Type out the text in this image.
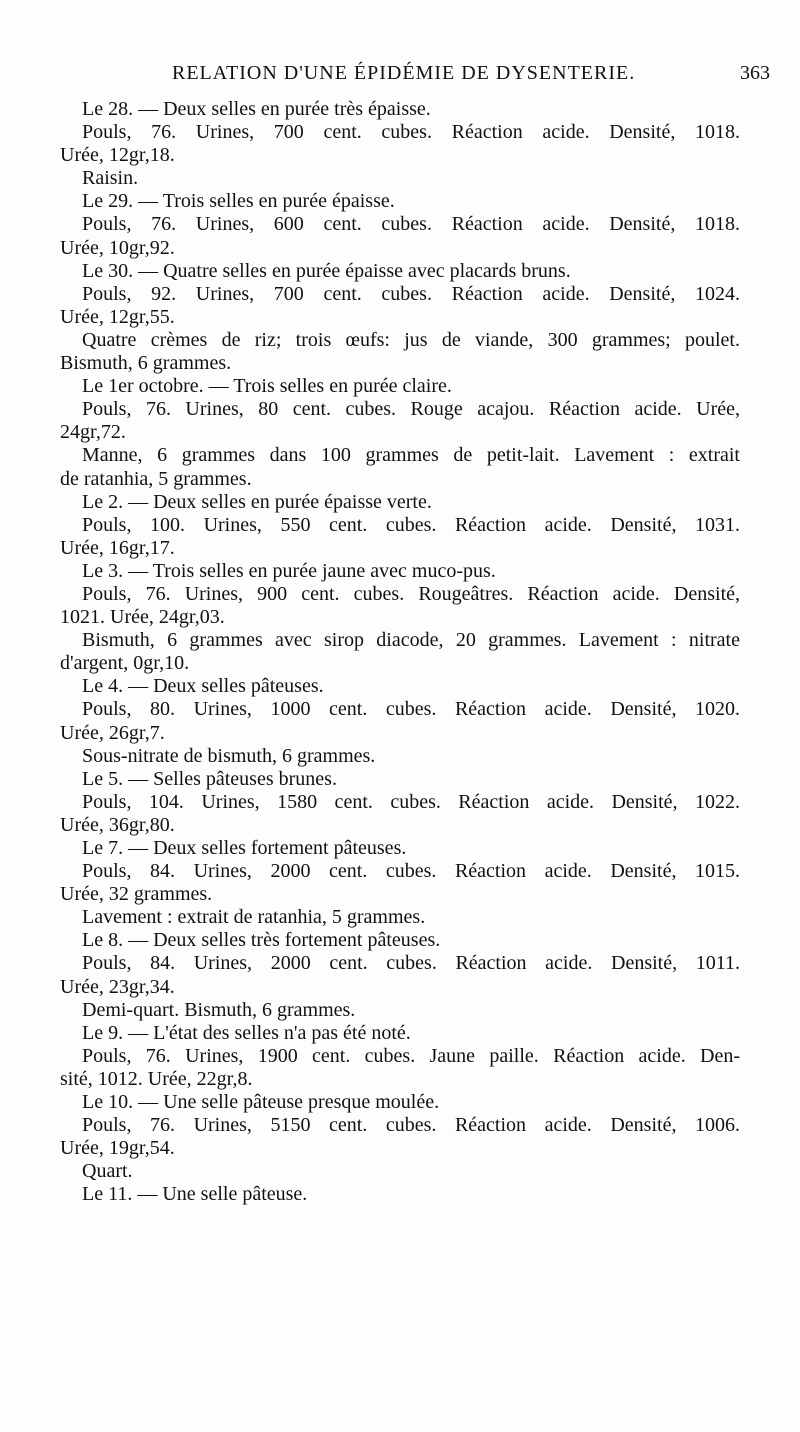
RELATION D'UNE ÉPIDÉMIE DE DYSENTERIE.	363
Le 28. — Deux selles en purée très épaisse.
Pouls, 76. Urines, 700 cent. cubes. Réaction acide. Densité, 1018.
Urée, 12gr,18.
Raisin.
Le 29. — Trois selles en purée épaisse.
Pouls, 76. Urines, 600 cent. cubes. Réaction acide. Densité, 1018.
Urée, 10gr,92.
Le 30. — Quatre selles en purée épaisse avec placards bruns.
Pouls, 92. Urines, 700 cent. cubes. Réaction acide. Densité, 1024.
Urée, 12gr,55.
Quatre crèmes de riz; trois œufs: jus de viande, 300 grammes; poulet.
Bismuth, 6 grammes.
Le 1er octobre. — Trois selles en purée claire.
Pouls, 76. Urines, 80 cent. cubes. Rouge acajou. Réaction acide. Urée,
24gr,72.
Manne, 6 grammes dans 100 grammes de petit-lait. Lavement : extrait
de ratanhia, 5 grammes.
Le 2. — Deux selles en purée épaisse verte.
Pouls, 100. Urines, 550 cent. cubes. Réaction acide. Densité, 1031.
Urée, 16gr,17.
Le 3. — Trois selles en purée jaune avec muco-pus.
Pouls, 76. Urines, 900 cent. cubes. Rougeâtres. Réaction acide. Densité,
1021. Urée, 24gr,03.
Bismuth, 6 grammes avec sirop diacode, 20 grammes. Lavement : nitrate
d'argent, 0gr,10.
Le 4. — Deux selles pâteuses.
Pouls, 80. Urines, 1000 cent. cubes. Réaction acide. Densité, 1020.
Urée, 26gr,7.
Sous-nitrate de bismuth, 6 grammes.
Le 5. — Selles pâteuses brunes.
Pouls, 104. Urines, 1580 cent. cubes. Réaction acide. Densité, 1022.
Urée, 36gr,80.
Le 7. — Deux selles fortement pâteuses.
Pouls, 84. Urines, 2000 cent. cubes. Réaction acide. Densité, 1015.
Urée, 32 grammes.
Lavement : extrait de ratanhia, 5 grammes.
Le 8. — Deux selles très fortement pâteuses.
Pouls, 84. Urines, 2000 cent. cubes. Réaction acide. Densité, 1011.
Urée, 23gr,34.
Demi-quart. Bismuth, 6 grammes.
Le 9. — L'état des selles n'a pas été noté.
Pouls, 76. Urines, 1900 cent. cubes. Jaune paille. Réaction acide. Den-
sité, 1012. Urée, 22gr,8.
Le 10. — Une selle pâteuse presque moulée.
Pouls, 76. Urines, 5150 cent. cubes. Réaction acide. Densité, 1006.
Urée, 19gr,54.
Quart.
Le 11. — Une selle pâteuse.
